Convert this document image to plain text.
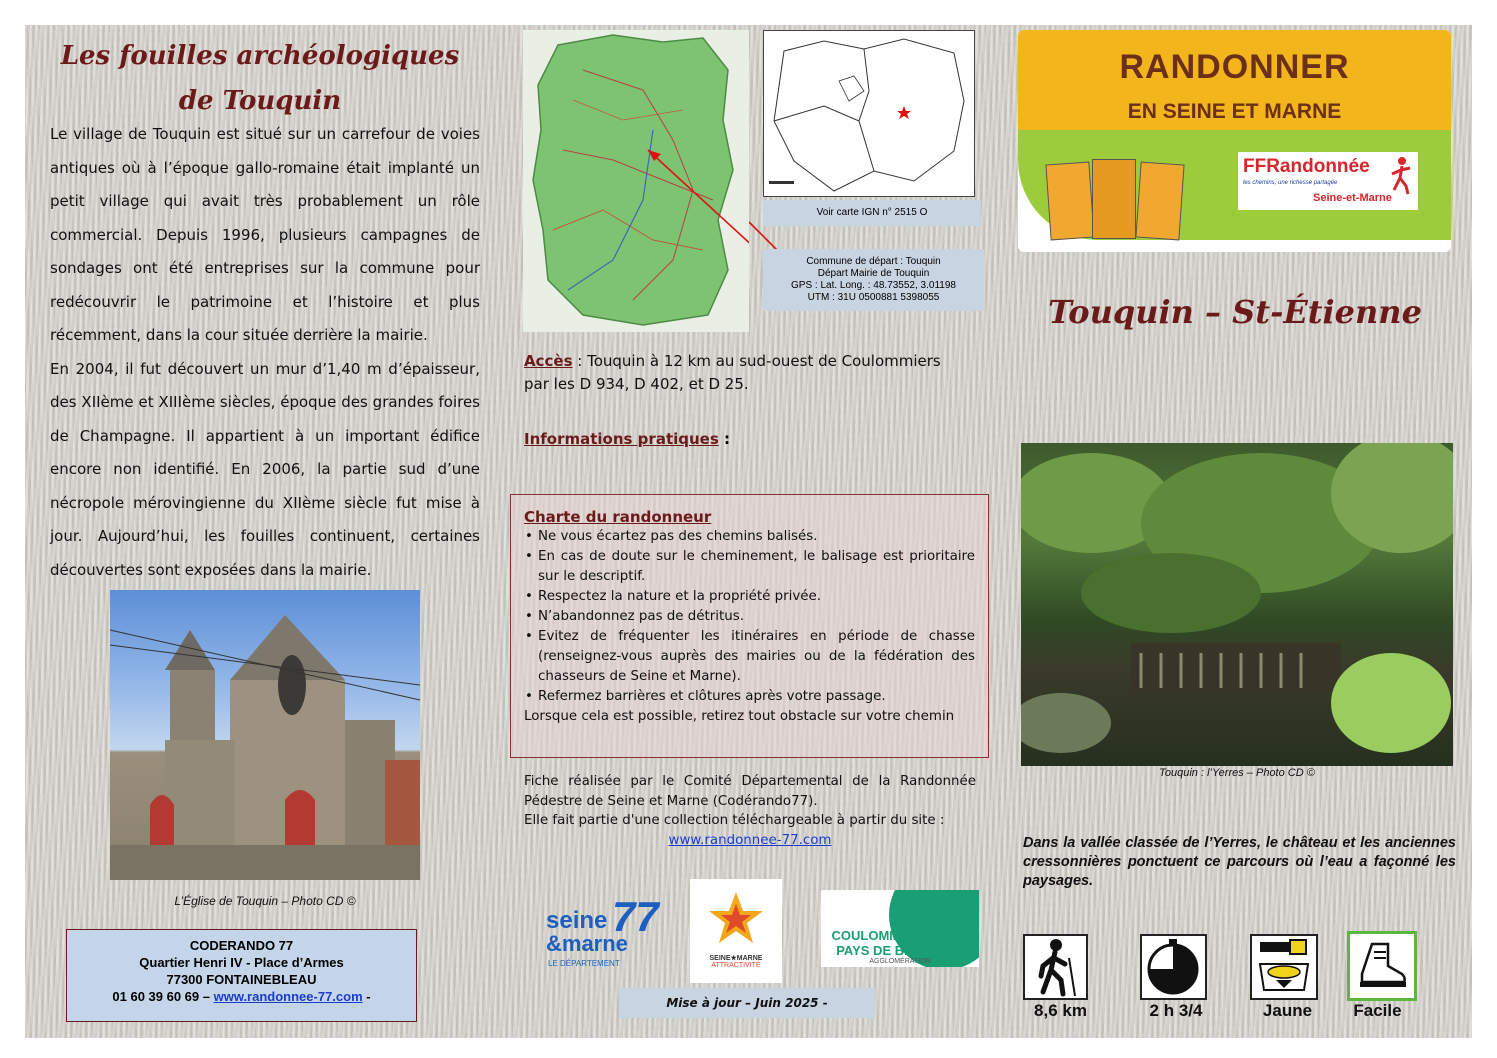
Les fouilles archéologiques
de Touquin

Le village de Touquin est situé sur un carrefour de voies antiques où à l’époque gallo-romaine était implanté un petit village qui avait très probablement un rôle commercial. Depuis 1996, plusieurs campagnes de sondages ont été entreprises sur la commune pour redécouvrir le patrimoine et l’histoire et plus récemment, dans la cour située derrière la mairie.

En 2004, il fut découvert un mur d’1,40 m d’épaisseur, des XIIème et XIIIème siècles, époque des grandes foires de Champagne. Il appartient à un important édifice encore non identifié. En 2006, la partie sud d’une nécropole mérovingienne du XIIème siècle fut mise à jour. Aujourd’hui, les fouilles continuent, certaines découvertes sont exposées dans la mairie.

L’Église de Touquin – Photo CD ©
CODERANDO 77
Quartier Henri IV - Place d’Armes
77300 FONTAINEBLEAU
01 60 39 60 69 – www.randonnee-77.com -
Voir carte IGN n° 2515 O
Commune de départ : Touquin
Départ Mairie de Touquin
GPS : Lat. Long. : 48.73552, 3.01198
UTM : 31U 0500881 5398055
Accès : Touquin à 12 km au sud-ouest de Coulommiers par les D 934, D 402, et D 25.
Informations pratiques :
Charte du randonneur
• Ne vous écartez pas des chemins balisés.
• En cas de doute sur le cheminement, le balisage est prioritaire sur le descriptif.
• Respectez la nature et la propriété privée.
• N’abandonnez pas de détritus.
• Evitez de fréquenter les itinéraires en période de chasse (renseignez-vous auprès des mairies ou de la fédération des chasseurs de Seine et Marne).
• Refermez barrières et clôtures après votre passage.
Lorsque cela est possible, retirez tout obstacle sur votre chemin
Fiche réalisée par le Comité Départemental de la Randonnée Pédestre de Seine et Marne (Codérando77).
Elle fait partie d'une collection téléchargeable à partir du site :
www.randonnee-77.com
seine 77
&marne
LE DÉPARTEMENT
SEINE★MARNE
ATTRACTIVITÉ
COULOMMIERS
PAYS DE BRIE
AGGLOMÉRATION
Mise à jour – Juin 2025 -
RANDONNER
EN SEINE ET MARNE
FFRandonnée
les chemins, une richesse partagée
Seine-et-Marne
Touquin – St-Étienne
Touquin : l’Yerres – Photo CD ©
Dans la vallée classée de l’Yerres, le château et les anciennes cressonnières ponctuent ce parcours où l’eau a façonné les paysages.
8,6 km	2 h 3/4	Jaune	Facile
